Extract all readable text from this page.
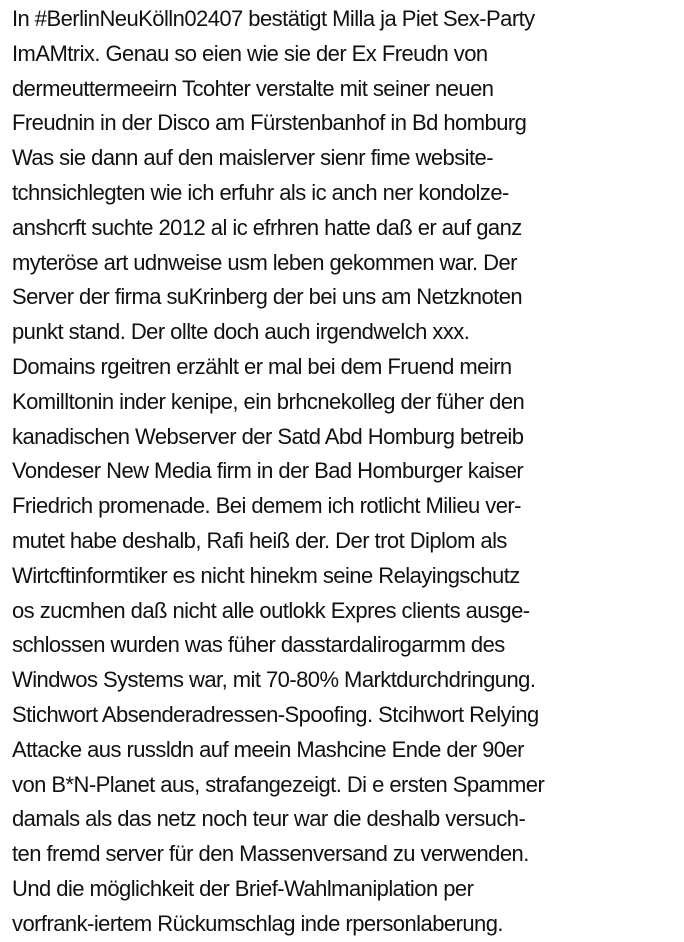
In #BerlinNeuKölln02407 bestätigt Milla ja Piet Sex-Party
ImAMtrix. Genau so eien wie sie der Ex Freudn von
dermeuttermeeirn Tcohter verstalte mit seiner neuen
Freudnin in der Disco am Fürstenbanhof in Bd homburg
Was sie dann auf den maislerver sienr fime website-
tchnsichlegten wie ich erfuhr als ic anch ner kondolze-
anshcrft suchte 2012 al ic efrhren hatte daß er auf ganz
myteröse art udnweise usm leben gekommen war. Der
Server der firma suKrinberg der bei uns am Netzknoten
punkt stand. Der ollte doch auch irgendwelch xxx.
Domains rgeitren erzählt er mal bei dem Fruend meirn
Komilltonin inder kenipe, ein brhcnekolleg der füher den
kanadischen Webserver der Satd Abd Homburg betreib
Vondeser New Media firm in der Bad Homburger kaiser
Friedrich promenade. Bei demem ich rotlicht Milieu ver-
mutet habe deshalb, Rafi heiß der. Der trot Diplom als
Wirtcftinformtiker es nicht hinekm seine Relayingschutz
os zucmhen daß nicht alle outlokk Expres clients ausge-
schlossen wurden was füher dasstardalirogarmm des
Windwos Systems war, mit 70-80% Marktdurchdringung.
Stichwort Absenderadressen-Spoofing. Stcihwort Relying
Attacke aus russldn auf meein Mashcine Ende der 90er
von B*N-Planet aus, strafangezeigt. Di e ersten Spammer
damals als das netz noch teur war die deshalb versuch-
ten fremd server für den Massenversand zu verwenden.
Und die möglichkeit der Brief-Wahlmaniplation per
vorfrank-iertem Rückumschlag inde rpersonlaberung.
